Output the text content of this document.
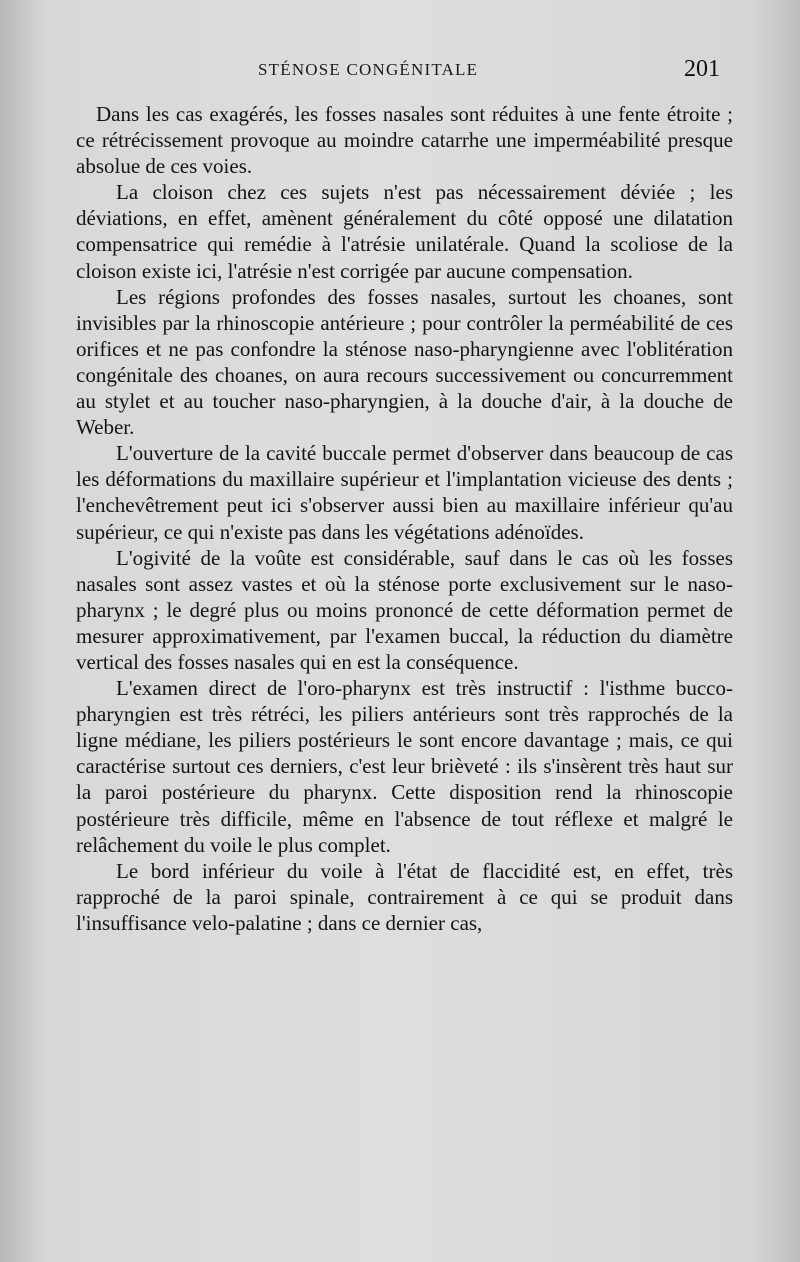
STÉNOSE CONGÉNITALE	201

Dans les cas exagérés, les fosses nasales sont réduites à une fente étroite ; ce rétrécissement provoque au moindre catarrhe une imperméabilité presque absolue de ces voies.

La cloison chez ces sujets n'est pas nécessairement déviée ; les déviations, en effet, amènent généralement du côté opposé une dilatation compensatrice qui remédie à l'atrésie unilatérale. Quand la scoliose de la cloison existe ici, l'atrésie n'est corrigée par aucune compensation.

Les régions profondes des fosses nasales, surtout les choanes, sont invisibles par la rhinoscopie antérieure ; pour contrôler la perméabilité de ces orifices et ne pas confondre la sténose naso-pharyngienne avec l'oblitération congénitale des choanes, on aura recours successivement ou concurremment au stylet et au toucher naso-pharyngien, à la douche d'air, à la douche de Weber.

L'ouverture de la cavité buccale permet d'observer dans beaucoup de cas les déformations du maxillaire supérieur et l'implantation vicieuse des dents ; l'enchevêtrement peut ici s'observer aussi bien au maxillaire inférieur qu'au supérieur, ce qui n'existe pas dans les végétations adénoïdes.

L'ogivité de la voûte est considérable, sauf dans le cas où les fosses nasales sont assez vastes et où la sténose porte exclusivement sur le naso-pharynx ; le degré plus ou moins prononcé de cette déformation permet de mesurer approximativement, par l'examen buccal, la réduction du diamètre vertical des fosses nasales qui en est la conséquence.

L'examen direct de l'oro-pharynx est très instructif : l'isthme bucco-pharyngien est très rétréci, les piliers antérieurs sont très rapprochés de la ligne médiane, les piliers postérieurs le sont encore davantage ; mais, ce qui caractérise surtout ces derniers, c'est leur brièveté : ils s'insèrent très haut sur la paroi postérieure du pharynx. Cette disposition rend la rhinoscopie postérieure très difficile, même en l'absence de tout réflexe et malgré le relâchement du voile le plus complet.

Le bord inférieur du voile à l'état de flaccidité est, en effet, très rapproché de la paroi spinale, contrairement à ce qui se produit dans l'insuffisance velo-palatine ; dans ce dernier cas,
